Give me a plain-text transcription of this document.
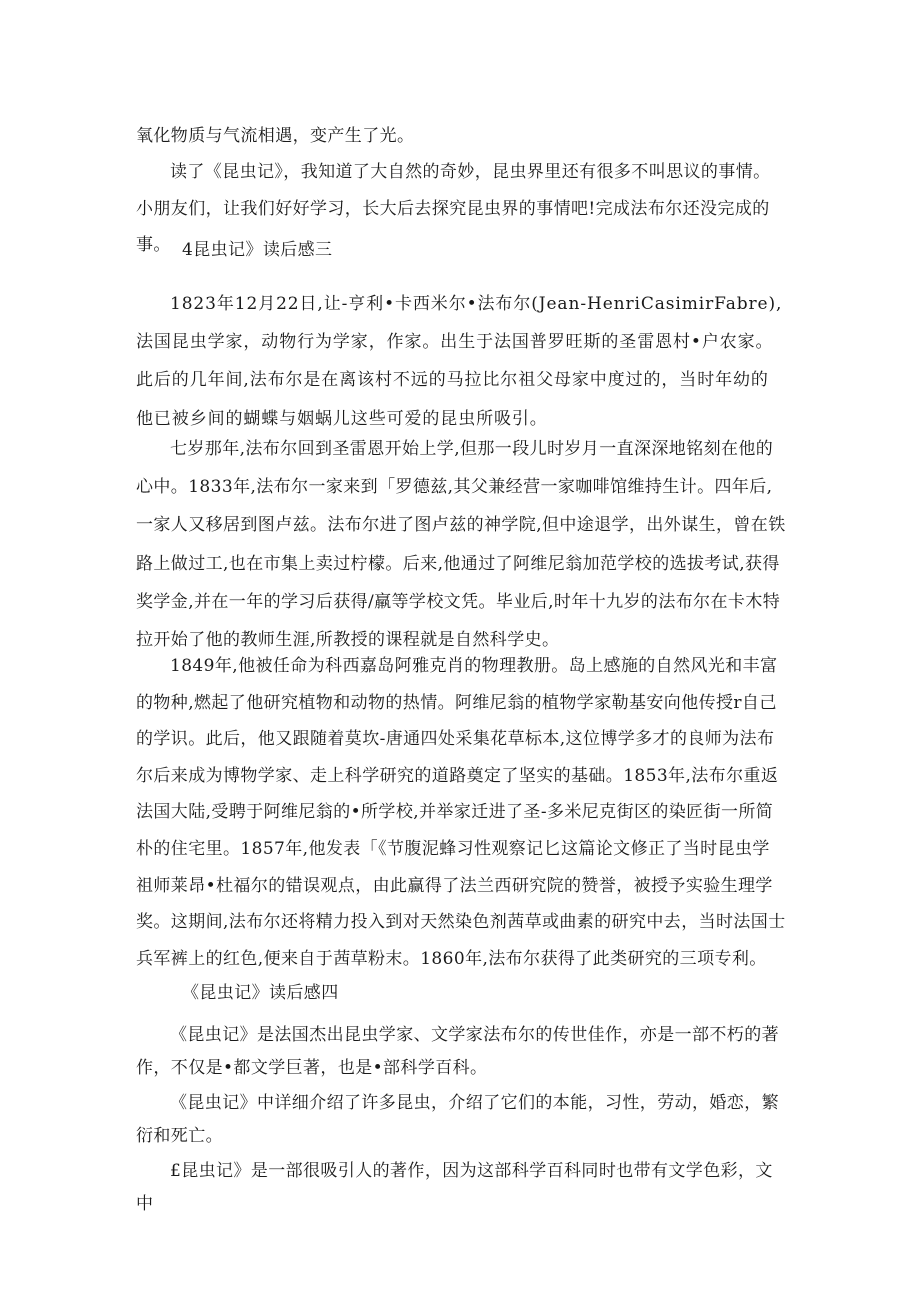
氧化物质与气流相遇，变产生了光。

读了《昆虫记》，我知道了大自然的奇妙，昆虫界里还有很多不叫思议的事情。小朋友们，让我们好好学习，长大后去探究昆虫界的事情吧!完成法布尔还没完成的事。 4昆虫记》读后感三

1823年12月22日,让-亨利•卡西米尔•法布尔(Jean-HenriCasimirFabre),法国昆虫学家，动物行为学家，作家。出生于法国普罗旺斯的圣雷恩村•户农家。此后的几年间,法布尔是在离该村不远的马拉比尔祖父母家中度过的，当时年幼的他已被乡间的蝴蝶与姻蜗儿这些可爱的昆虫所吸引。

七岁那年,法布尔回到圣雷恩开始上学,但那一段儿时岁月一直深深地铭刻在他的心中。1833年,法布尔一家来到「罗德兹,其父兼经营一家咖啡馆维持生计。四年后,一家人又移居到图卢兹。法布尔进了图卢兹的神学院,但中途退学，出外谋生，曾在铁路上做过工,也在市集上卖过柠檬。后来,他通过了阿维尼翁加范学校的选拔考试,获得奖学金,并在一年的学习后获得/羸等学校文凭。毕业后,时年十九岁的法布尔在卡木特拉开始了他的教师生涯,所教授的课程就是自然科学史。

1849年,他被任命为科西嘉岛阿雅克肖的物理教册。岛上感施的自然风光和丰富的物种,燃起了他研究植物和动物的热情。阿维尼翁的植物学家勒基安向他传授r自己的学识。此后，他又跟随着莫坎-唐通四处采集花草标本,这位博学多才的良师为法布尔后来成为博物学家、走上科学研究的道路奠定了坚实的基础。1853年,法布尔重返法国大陆,受聘于阿维尼翁的•所学校,并举家迁进了圣-多米尼克街区的染匠街一所简朴的住宅里。1857年,他发表「《节腹泥蜂习性观察记匕这篇论文修正了当时昆虫学祖师莱昂•杜福尔的错误观点，由此赢得了法兰西研究院的赞誉，被授予实验生理学奖。这期间,法布尔还将精力投入到对天然染色剂茜草或曲素的研究中去，当时法国士兵军裤上的红色,便来自于茜草粉末。1860年,法布尔获得了此类研究的三项专利。

《昆虫记》读后感四

《昆虫记》是法国杰出昆虫学家、文学家法布尔的传世佳作，亦是一部不朽的著作，不仅是•都文学巨著，也是•部科学百科。

《昆虫记》中详细介绍了许多昆虫，介绍了它们的本能，习性，劳动，婚恋，繁衍和死亡。

£昆虫记》是一部很吸引人的著作，因为这部科学百科同时也带有文学色彩，文中
